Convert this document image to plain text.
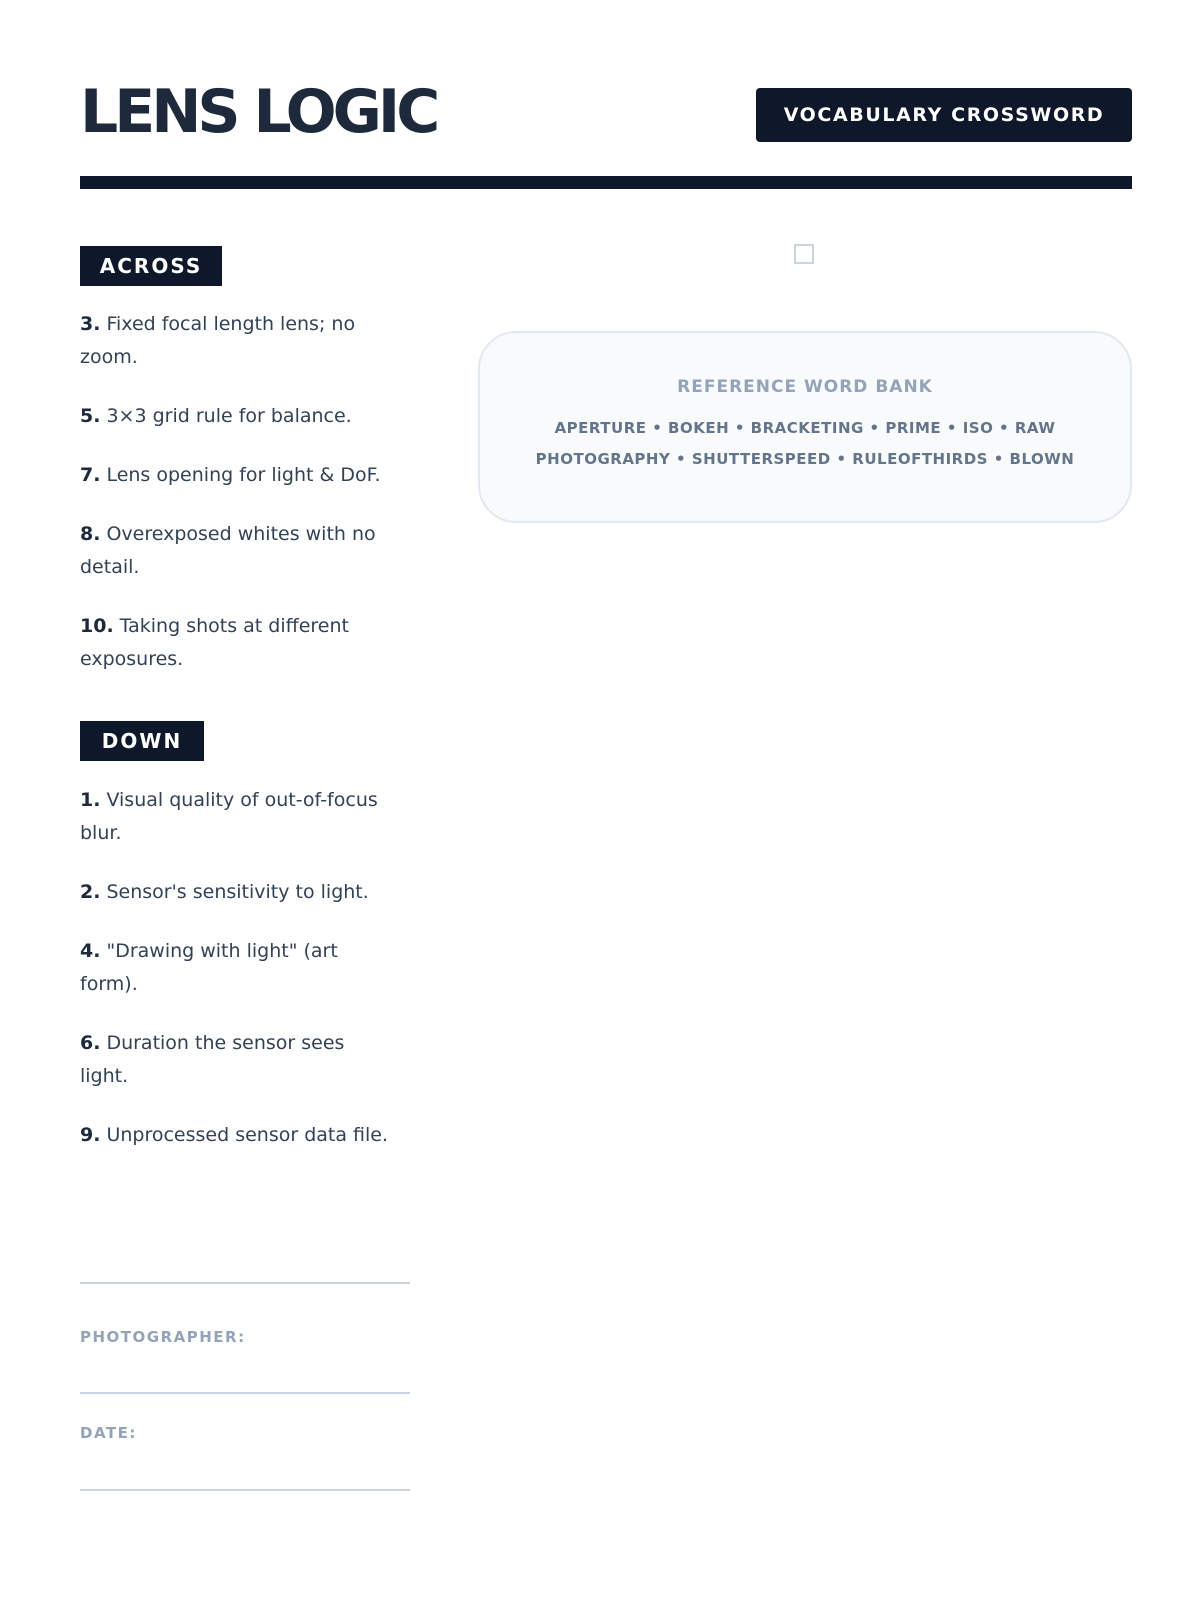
LENS LOGIC	VOCABULARY CROSSWORD
ACROSS
3. Fixed focal length lens; no zoom.
5. 3×3 grid rule for balance.
7. Lens opening for light & DoF.
8. Overexposed whites with no detail.
10. Taking shots at different exposures.
DOWN
1. Visual quality of out-of-focus blur.
2. Sensor's sensitivity to light.
4. "Drawing with light" (art form).
6. Duration the sensor sees light.
9. Unprocessed sensor data file.
REFERENCE WORD BANK
APERTURE • BOKEH • BRACKETING • PRIME • ISO • RAW
PHOTOGRAPHY • SHUTTERSPEED • RULEOFTHIRDS • BLOWN
PHOTOGRAPHER:
DATE:
